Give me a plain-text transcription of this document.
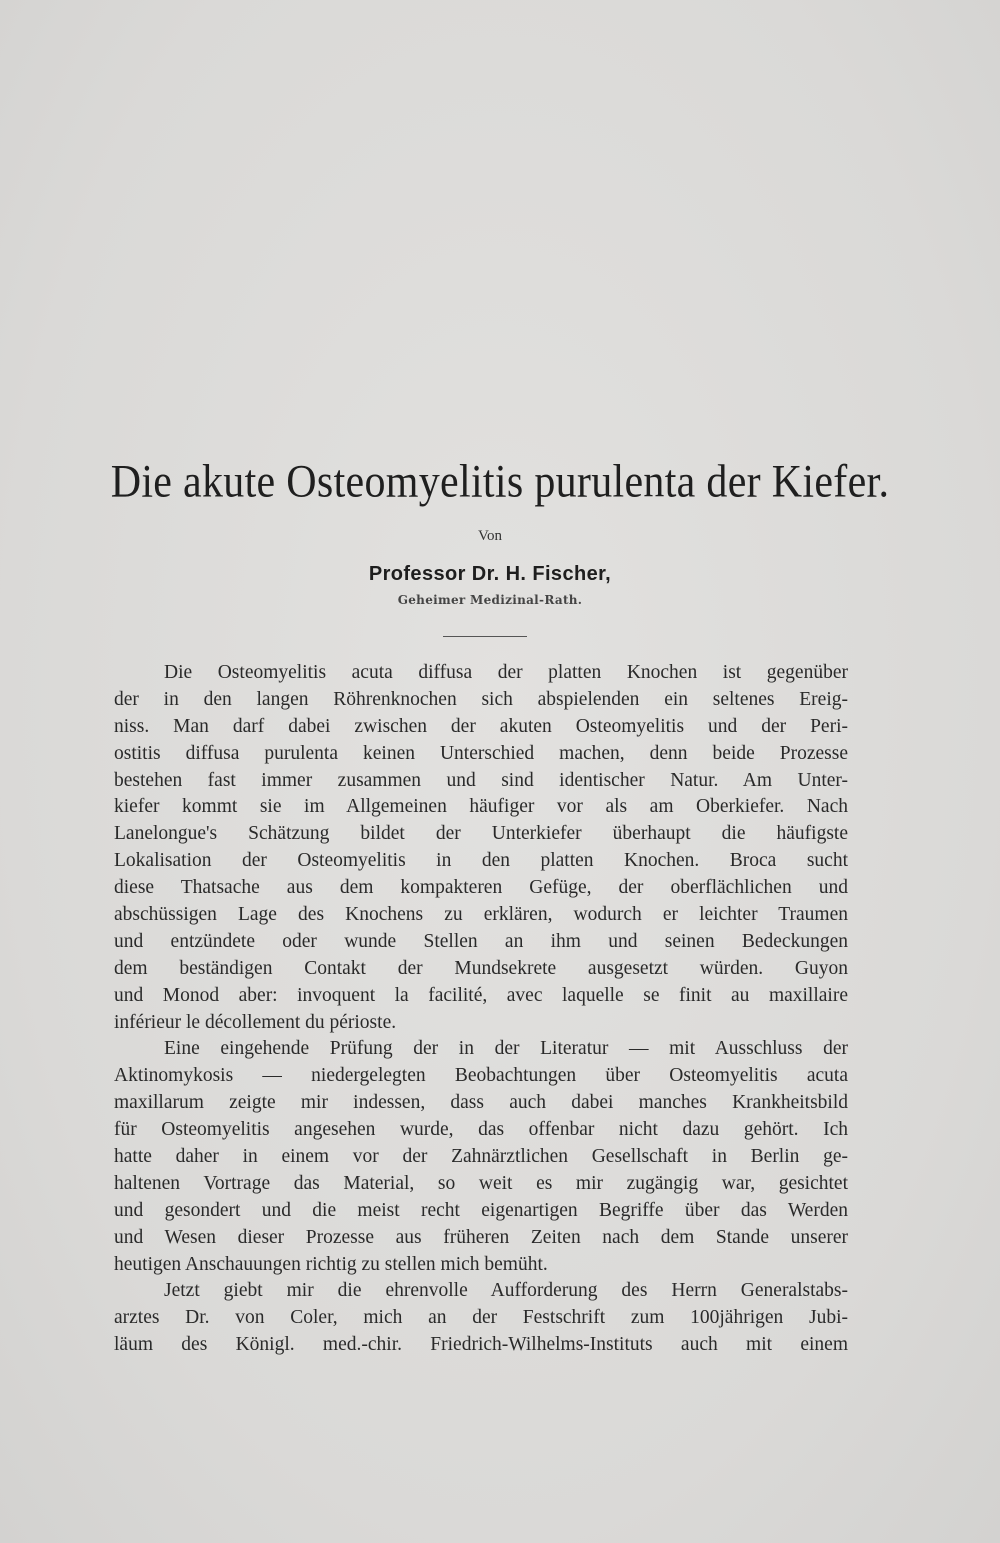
Die akute Osteomyelitis purulenta der Kiefer.
Von
Professor Dr. H. Fischer,
Geheimer Medizinal-Rath.
Die Osteomyelitis acuta diffusa der platten Knochen ist gegenüber
der in den langen Röhrenknochen sich abspielenden ein seltenes Ereig-
niss. Man darf dabei zwischen der akuten Osteomyelitis und der Peri-
ostitis diffusa purulenta keinen Unterschied machen, denn beide Prozesse
bestehen fast immer zusammen und sind identischer Natur. Am Unter-
kiefer kommt sie im Allgemeinen häufiger vor als am Oberkiefer. Nach
Lanelongue's Schätzung bildet der Unterkiefer überhaupt die häufigste
Lokalisation der Osteomyelitis in den platten Knochen. Broca sucht
diese Thatsache aus dem kompakteren Gefüge, der oberflächlichen und
abschüssigen Lage des Knochens zu erklären, wodurch er leichter Traumen
und entzündete oder wunde Stellen an ihm und seinen Bedeckungen
dem beständigen Contakt der Mundsekrete ausgesetzt würden. Guyon
und Monod aber: invoquent la facilité, avec laquelle se finit au maxillaire
inférieur le décollement du périoste.
Eine eingehende Prüfung der in der Literatur — mit Ausschluss der
Aktinomykosis — niedergelegten Beobachtungen über Osteomyelitis acuta
maxillarum zeigte mir indessen, dass auch dabei manches Krankheitsbild
für Osteomyelitis angesehen wurde, das offenbar nicht dazu gehört. Ich
hatte daher in einem vor der Zahnärztlichen Gesellschaft in Berlin ge-
haltenen Vortrage das Material, so weit es mir zugängig war, gesichtet
und gesondert und die meist recht eigenartigen Begriffe über das Werden
und Wesen dieser Prozesse aus früheren Zeiten nach dem Stande unserer
heutigen Anschauungen richtig zu stellen mich bemüht.
Jetzt giebt mir die ehrenvolle Aufforderung des Herrn Generalstabs-
arztes Dr. von Coler, mich an der Festschrift zum 100jährigen Jubi-
läum des Königl. med.-chir. Friedrich-Wilhelms-Instituts auch mit einem
